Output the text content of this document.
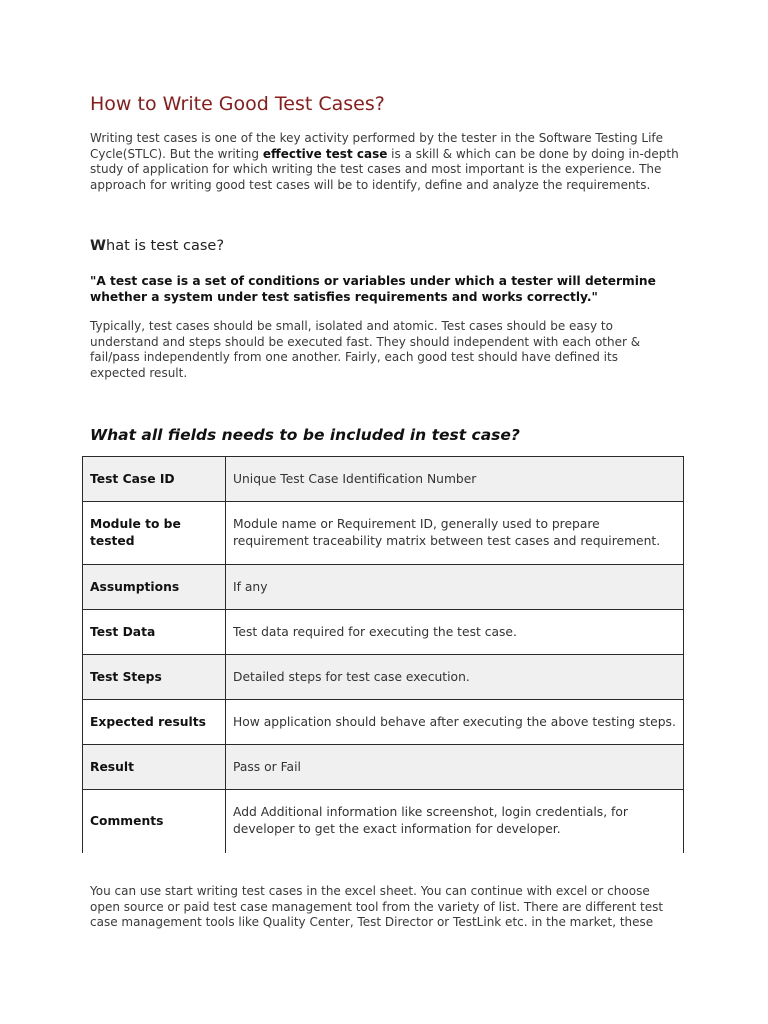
How to Write Good Test Cases?

Writing test cases is one of the key activity performed by the tester in the Software Testing Life Cycle(STLC). But the writing effective test case is a skill & which can be done by doing in-depth study of application for which writing the test cases and most important is the experience. The approach for writing good test cases will be to identify, define and analyze the requirements.

What is test case?

"A test case is a set of conditions or variables under which a tester will determine whether a system under test satisfies requirements and works correctly."

Typically, test cases should be small, isolated and atomic. Test cases should be easy to understand and steps should be executed fast. They should independent with each other & fail/pass independently from one another. Fairly, each good test should have defined its expected result.

What all fields needs to be included in test case?

You can use start writing test cases in the excel sheet. You can continue with excel or choose open source or paid test case management tool from the variety of list. There are different test case management tools like Quality Center, Test Director or TestLink etc. in the market, these

Test Case ID	Unique Test Case Identification Number
Module to be tested	Module name or Requirement ID, generally used to prepare requirement traceability matrix between test cases and requirement.
Assumptions	If any
Test Data	Test data required for executing the test case.
Test Steps	Detailed steps for test case execution.
Expected results	How application should behave after executing the above testing steps.
Result	Pass or Fail
Comments	Add Additional information like screenshot, login credentials, for developer to get the exact information for developer.
